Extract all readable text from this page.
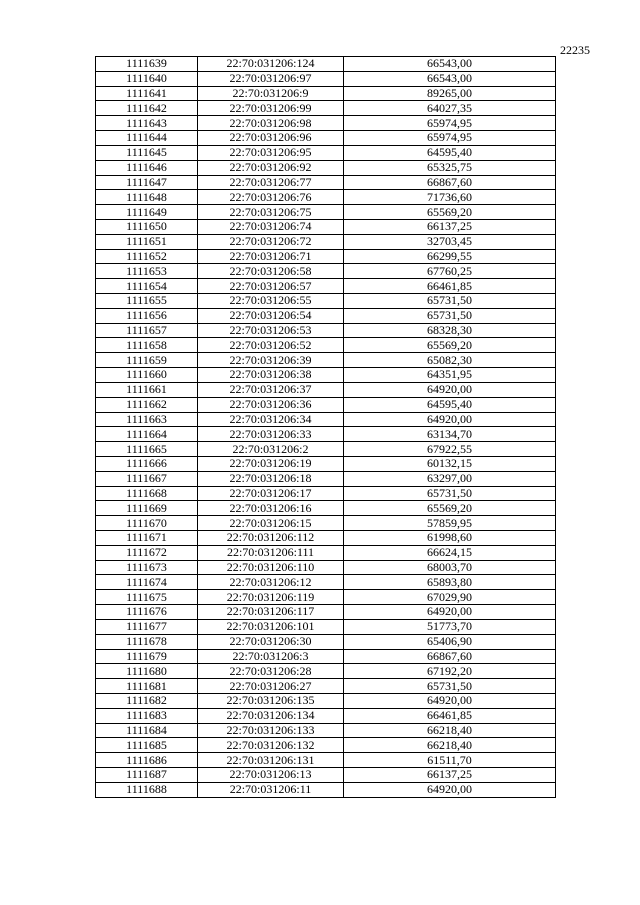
22235
1111639	22:70:031206:124	66543,00
1111640	22:70:031206:97	66543,00
1111641	22:70:031206:9	89265,00
1111642	22:70:031206:99	64027,35
1111643	22:70:031206:98	65974,95
1111644	22:70:031206:96	65974,95
1111645	22:70:031206:95	64595,40
1111646	22:70:031206:92	65325,75
1111647	22:70:031206:77	66867,60
1111648	22:70:031206:76	71736,60
1111649	22:70:031206:75	65569,20
1111650	22:70:031206:74	66137,25
1111651	22:70:031206:72	32703,45
1111652	22:70:031206:71	66299,55
1111653	22:70:031206:58	67760,25
1111654	22:70:031206:57	66461,85
1111655	22:70:031206:55	65731,50
1111656	22:70:031206:54	65731,50
1111657	22:70:031206:53	68328,30
1111658	22:70:031206:52	65569,20
1111659	22:70:031206:39	65082,30
1111660	22:70:031206:38	64351,95
1111661	22:70:031206:37	64920,00
1111662	22:70:031206:36	64595,40
1111663	22:70:031206:34	64920,00
1111664	22:70:031206:33	63134,70
1111665	22:70:031206:2	67922,55
1111666	22:70:031206:19	60132,15
1111667	22:70:031206:18	63297,00
1111668	22:70:031206:17	65731,50
1111669	22:70:031206:16	65569,20
1111670	22:70:031206:15	57859,95
1111671	22:70:031206:112	61998,60
1111672	22:70:031206:111	66624,15
1111673	22:70:031206:110	68003,70
1111674	22:70:031206:12	65893,80
1111675	22:70:031206:119	67029,90
1111676	22:70:031206:117	64920,00
1111677	22:70:031206:101	51773,70
1111678	22:70:031206:30	65406,90
1111679	22:70:031206:3	66867,60
1111680	22:70:031206:28	67192,20
1111681	22:70:031206:27	65731,50
1111682	22:70:031206:135	64920,00
1111683	22:70:031206:134	66461,85
1111684	22:70:031206:133	66218,40
1111685	22:70:031206:132	66218,40
1111686	22:70:031206:131	61511,70
1111687	22:70:031206:13	66137,25
1111688	22:70:031206:11	64920,00
